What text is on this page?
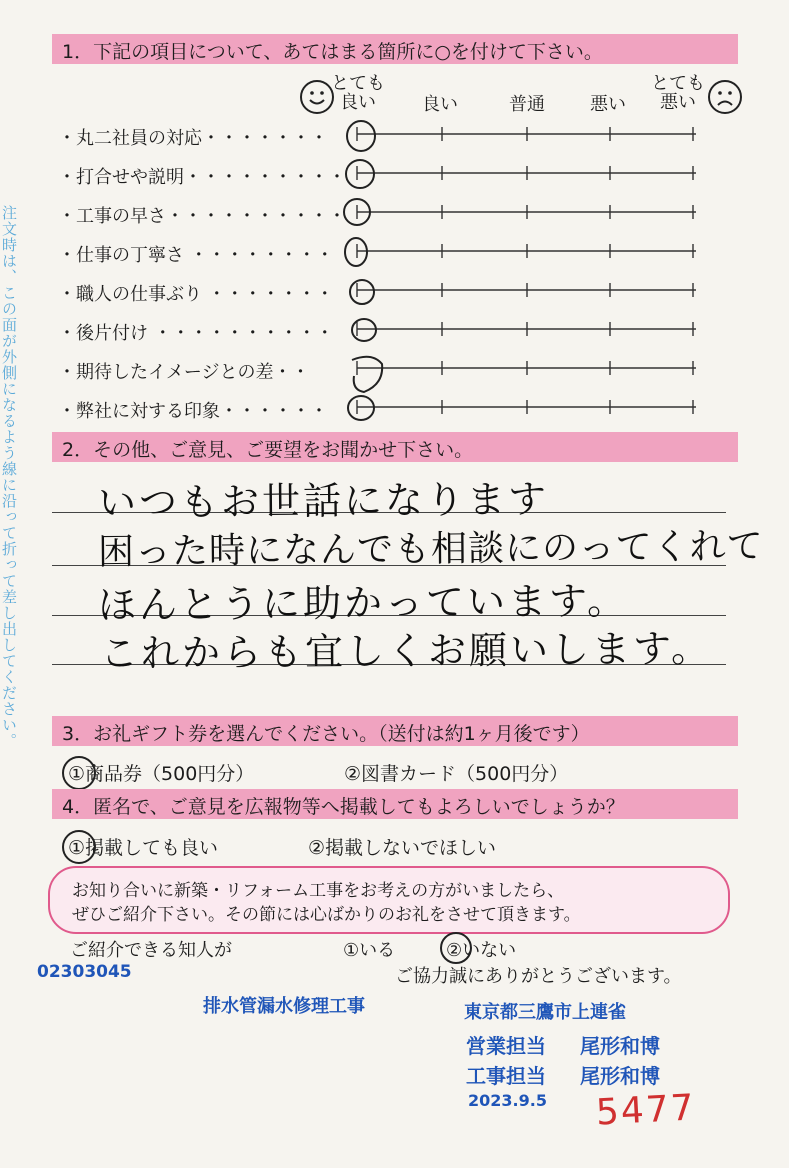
注文時は、この面が外側になるよう線に沿って折って差し出してください。
1．下記の項目について、あてはまる箇所に○を付けて下さい。
とても
良い	良い	普通	悪い
とても
悪い
・丸二社員の対応・・・・・・・
・打合せや説明・・・・・・・・・
・工事の早さ・・・・・・・・・・
・仕事の丁寧さ ・・・・・・・・
・職人の仕事ぶり ・・・・・・・
・後片付け ・・・・・・・・・・
・期待したイメージとの差・・
・弊社に対する印象・・・・・・
2．その他、ご意見、ご要望をお聞かせ下さい。
いつもお世話になります
困った時になんでも相談にのってくれて
ほんとうに助かっています。
これからも宜しくお願いします。
3．お礼ギフト券を選んでください。（送付は約1ヶ月後です）
①商品券（500円分）	②図書カード（500円分）
4．匿名で、ご意見を広報物等へ掲載してもよろしいでしょうか？
①掲載しても良い	②掲載しないでほしい
お知り合いに新築・リフォーム工事をお考えの方がいましたら、
ぜひご紹介下さい。その節には心ばかりのお礼をさせて頂きます。
ご紹介できる知人が	①いる	②いない
ご協力誠にありがとうございます。
02303045
排水管漏水修理工事	東京都三鷹市上連雀
営業担当 尾形和博
工事担当 尾形和博
2023.9.5 5477
